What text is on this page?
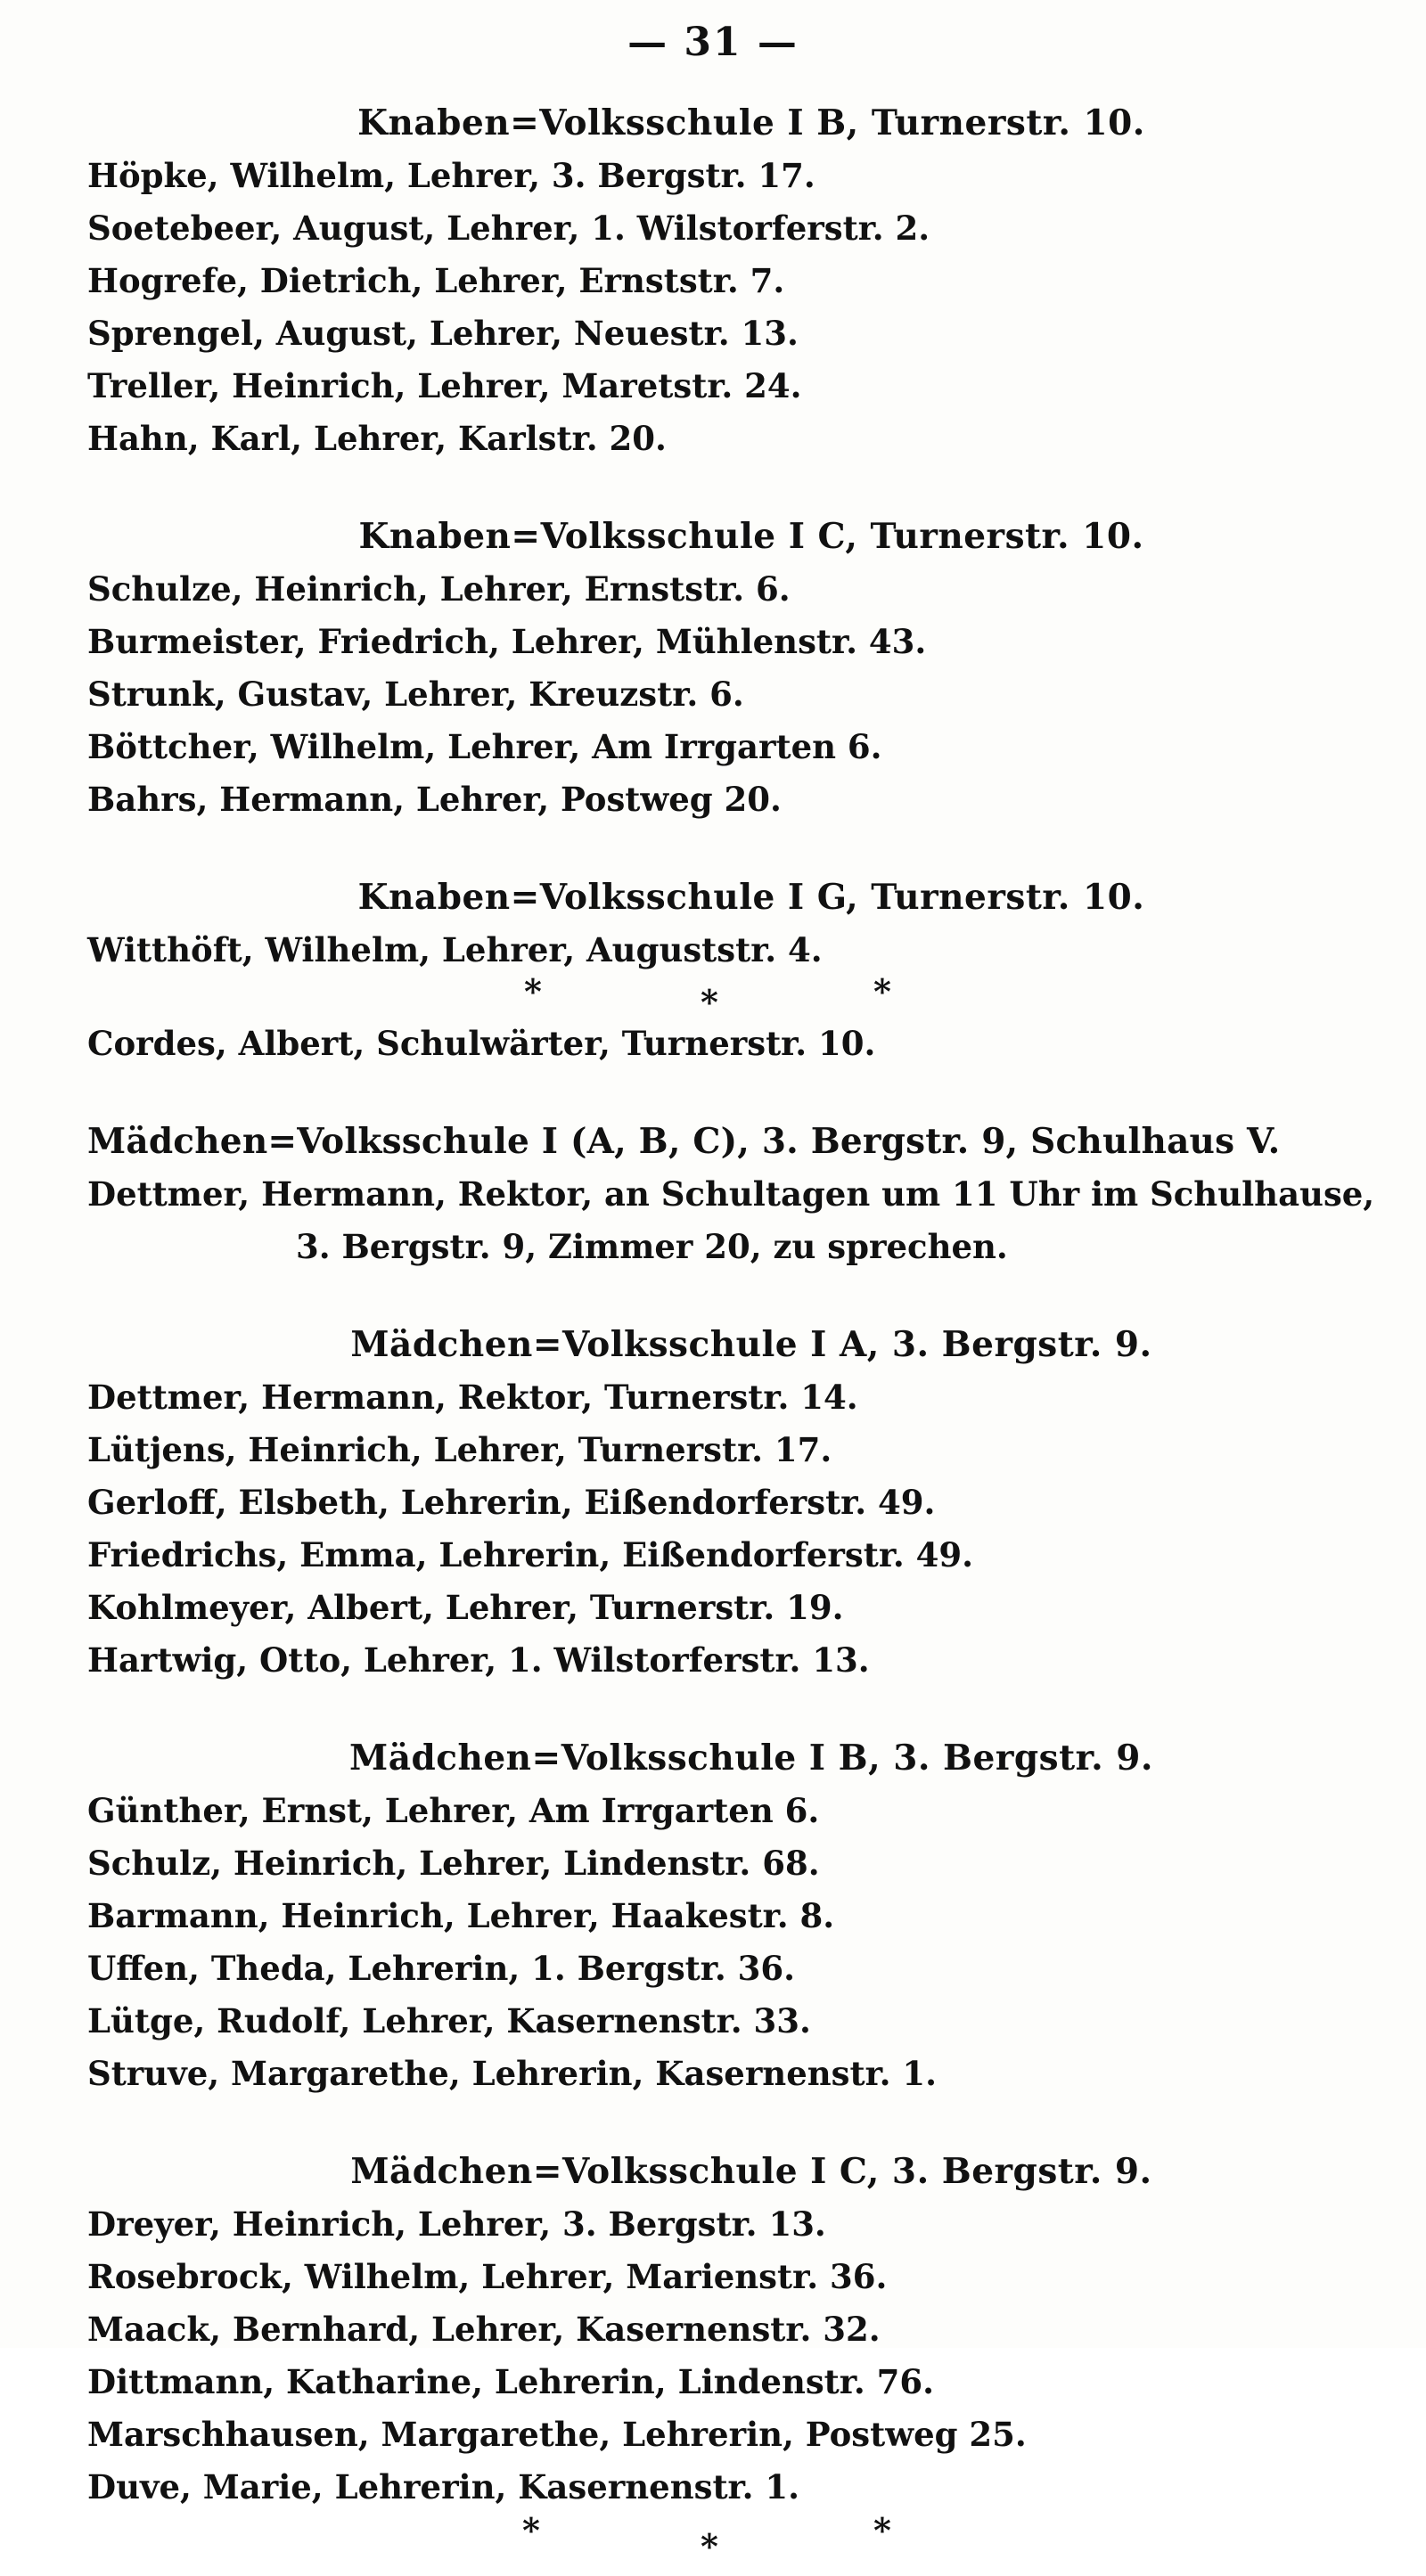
— 31 —

Knaben=Volksschule I B, Turnerstr. 10.

Höpke, Wilhelm, Lehrer, 3. Bergstr. 17.

Soetebeer, August, Lehrer, 1. Wilstorferstr. 2.

Hogrefe, Dietrich, Lehrer, Ernststr. 7.

Sprengel, August, Lehrer, Neuestr. 13.

Treller, Heinrich, Lehrer, Maretstr. 24.

Hahn, Karl, Lehrer, Karlstr. 20.

Knaben=Volksschule I C, Turnerstr. 10.

Schulze, Heinrich, Lehrer, Ernststr. 6.

Burmeister, Friedrich, Lehrer, Mühlenstr. 43.

Strunk, Gustav, Lehrer, Kreuzstr. 6.

Böttcher, Wilhelm, Lehrer, Am Irrgarten 6.

Bahrs, Hermann, Lehrer, Postweg 20.

Knaben=Volksschule I G, Turnerstr. 10.

Witthöft, Wilhelm, Lehrer, Auguststr. 4.

*	*	*

Cordes, Albert, Schulwärter, Turnerstr. 10.

Mädchen=Volksschule I (A, B, C), 3. Bergstr. 9, Schulhaus V.

Dettmer, Hermann, Rektor, an Schultagen um 11 Uhr im Schulhause,

3. Bergstr. 9, Zimmer 20, zu sprechen.

Mädchen=Volksschule I A, 3. Bergstr. 9.

Dettmer, Hermann, Rektor, Turnerstr. 14.

Lütjens, Heinrich, Lehrer, Turnerstr. 17.

Gerloff, Elsbeth, Lehrerin, Eißendorferstr. 49.

Friedrichs, Emma, Lehrerin, Eißendorferstr. 49.

Kohlmeyer, Albert, Lehrer, Turnerstr. 19.

Hartwig, Otto, Lehrer, 1. Wilstorferstr. 13.

Mädchen=Volksschule I B, 3. Bergstr. 9.

Günther, Ernst, Lehrer, Am Irrgarten 6.

Schulz, Heinrich, Lehrer, Lindenstr. 68.

Barmann, Heinrich, Lehrer, Haakestr. 8.

Uffen, Theda, Lehrerin, 1. Bergstr. 36.

Lütge, Rudolf, Lehrer, Kasernenstr. 33.

Struve, Margarethe, Lehrerin, Kasernenstr. 1.

Mädchen=Volksschule I C, 3. Bergstr. 9.

Dreyer, Heinrich, Lehrer, 3. Bergstr. 13.

Rosebrock, Wilhelm, Lehrer, Marienstr. 36.

Maack, Bernhard, Lehrer, Kasernenstr. 32.

Dittmann, Katharine, Lehrerin, Lindenstr. 76.

Marschhausen, Margarethe, Lehrerin, Postweg 25.

Duve, Marie, Lehrerin, Kasernenstr. 1.

*	*	*
